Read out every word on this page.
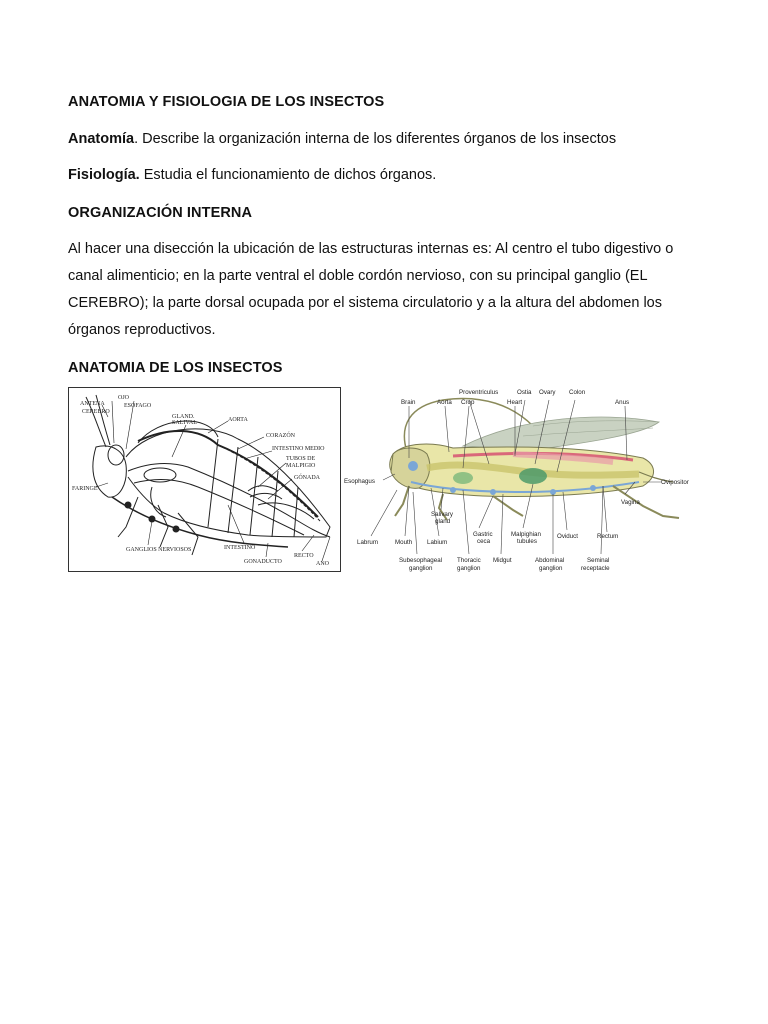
ANATOMIA Y FISIOLOGIA DE LOS INSECTOS

Anatomía. Describe la organización interna de los diferentes órganos de los insectos

Fisiología. Estudia el funcionamiento de dichos órganos.

ORGANIZACIÓN INTERNA

Al hacer una disección la ubicación de las estructuras internas es: Al centro el tubo digestivo o canal alimenticio; en la parte ventral el doble cordón nervioso, con su principal ganglio (EL CEREBRO); la parte dorsal ocupada por el sistema circulatorio y a la altura del abdomen los órganos reproductivos.

ANATOMIA DE LOS INSECTOS

ANTENA
OJO
CEREBRO
ESOFAGO
GLAND.
SALIVAL	AORTA
CORAZÓN
INTESTINO MEDIO
TUBOS DE
MALPIGIO
GÓNADA
FARINGE
GANGLIOS NERVIOSOS	INTESTINO
GONADUCTO
RECTO
ANO
Brain	Aorta
Proventriculus
Crop
Ostia
Heart
Ovary Colon
Anus
Esophagus	Ovipositor
Vagina
Salivary
gland
Labrum	Mouth Labium
Gastric
ceca
Malpighian
tubules
Oviduct	Rectum
Subesophageal
ganglion
Thoracic
ganglion
Midgut	Abdominal
ganglion
Seminal
receptacle
